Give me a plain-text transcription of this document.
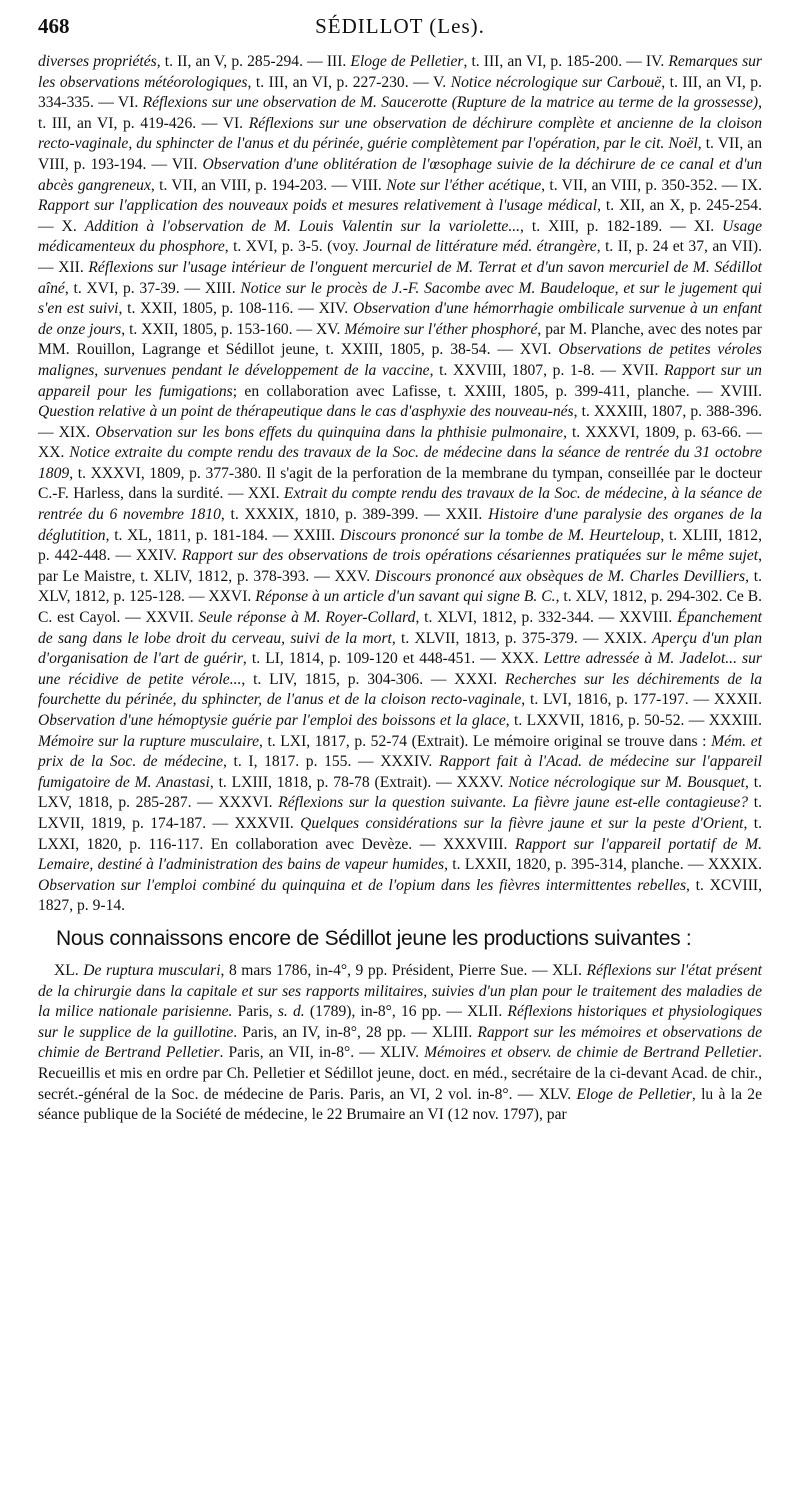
468	SÉDILLOT (Les).

diverses propriétés, t. II, an V, p. 285-294. — III. Eloge de Pelletier, t. III, an VI, p. 185-200. — IV. Remarques sur les observations météorologiques, t. III, an VI, p. 227-230. — V. Notice nécrologique sur Carbouë, t. III, an VI, p. 334-335. — VI. Réflexions sur une observation de M. Saucerotte (Rupture de la matrice au terme de la grossesse), t. III, an VI, p. 419-426. — VI. Réflexions sur une observation de déchirure complète et ancienne de la cloison recto-vaginale, du sphincter de l'anus et du périnée, guérie complètement par l'opération, par le cit. Noël, t. VII, an VIII, p. 193-194. — VII. Observation d'une oblitération de l'œsophage suivie de la déchirure de ce canal et d'un abcès gangreneux, t. VII, an VIII, p. 194-203. — VIII. Note sur l'éther acétique, t. VII, an VIII, p. 350-352. — IX. Rapport sur l'application des nouveaux poids et mesures relativement à l'usage médical, t. XII, an X, p. 245-254. — X. Addition à l'observation de M. Louis Valentin sur la variolette..., t. XIII, p. 182-189. — XI. Usage médicamenteux du phosphore, t. XVI, p. 3-5. (voy. Journal de littérature méd. étrangère, t. II, p. 24 et 37, an VII). — XII. Réflexions sur l'usage intérieur de l'onguent mercuriel de M. Terrat et d'un savon mercuriel de M. Sédillot aîné, t. XVI, p. 37-39. — XIII. Notice sur le procès de J.-F. Sacombe avec M. Baudeloque, et sur le jugement qui s'en est suivi, t. XXII, 1805, p. 108-116. — XIV. Observation d'une hémorrhagie ombilicale survenue à un enfant de onze jours, t. XXII, 1805, p. 153-160. — XV. Mémoire sur l'éther phosphoré, par M. Planche, avec des notes par MM. Rouillon, Lagrange et Sédillot jeune, t. XXIII, 1805, p. 38-54. — XVI. Observations de petites véroles malignes, survenues pendant le développement de la vaccine, t. XXVIII, 1807, p. 1-8. — XVII. Rapport sur un appareil pour les fumigations; en collaboration avec Lafisse, t. XXIII, 1805, p. 399-411, planche. — XVIII. Question relative à un point de thérapeutique dans le cas d'asphyxie des nouveau-nés, t. XXXIII, 1807, p. 388-396. — XIX. Observation sur les bons effets du quinquina dans la phthisie pulmonaire, t. XXXVI, 1809, p. 63-66. — XX. Notice extraite du compte rendu des travaux de la Soc. de médecine dans la séance de rentrée du 31 octobre 1809, t. XXXVI, 1809, p. 377-380. Il s'agit de la perforation de la membrane du tympan, conseillée par le docteur C.-F. Harless, dans la surdité. — XXI. Extrait du compte rendu des travaux de la Soc. de médecine, à la séance de rentrée du 6 novembre 1810, t. XXXIX, 1810, p. 389-399. — XXII. Histoire d'une paralysie des organes de la déglutition, t. XL, 1811, p. 181-184. — XXIII. Discours prononcé sur la tombe de M. Heurteloup, t. XLIII, 1812, p. 442-448. — XXIV. Rapport sur des observations de trois opérations césariennes pratiquées sur le même sujet, par Le Maistre, t. XLIV, 1812, p. 378-393. — XXV. Discours prononcé aux obsèques de M. Charles Devilliers, t. XLV, 1812, p. 125-128. — XXVI. Réponse à un article d'un savant qui signe B. C., t. XLV, 1812, p. 294-302. Ce B. C. est Cayol. — XXVII. Seule réponse à M. Royer-Collard, t. XLVI, 1812, p. 332-344. — XXVIII. Épanchement de sang dans le lobe droit du cerveau, suivi de la mort, t. XLVII, 1813, p. 375-379. — XXIX. Aperçu d'un plan d'organisation de l'art de guérir, t. LI, 1814, p. 109-120 et 448-451. — XXX. Lettre adressée à M. Jadelot... sur une récidive de petite vérole..., t. LIV, 1815, p. 304-306. — XXXI. Recherches sur les déchirements de la fourchette du périnée, du sphincter, de l'anus et de la cloison recto-vaginale, t. LVI, 1816, p. 177-197. — XXXII. Observation d'une hémoptysie guérie par l'emploi des boissons et la glace, t. LXXVII, 1816, p. 50-52. — XXXIII. Mémoire sur la rupture musculaire, t. LXI, 1817, p. 52-74 (Extrait). Le mémoire original se trouve dans : Mém. et prix de la Soc. de médecine, t. I, 1817. p. 155. — XXXIV. Rapport fait à l'Acad. de médecine sur l'appareil fumigatoire de M. Anastasi, t. LXIII, 1818, p. 78-78 (Extrait). — XXXV. Notice nécrologique sur M. Bousquet, t. LXV, 1818, p. 285-287. — XXXVI. Réflexions sur la question suivante. La fièvre jaune est-elle contagieuse? t. LXVII, 1819, p. 174-187. — XXXVII. Quelques considérations sur la fièvre jaune et sur la peste d'Orient, t. LXXI, 1820, p. 116-117. En collaboration avec Devèze. — XXXVIII. Rapport sur l'appareil portatif de M. Lemaire, destiné à l'administration des bains de vapeur humides, t. LXXII, 1820, p. 395-314, planche. — XXXIX. Observation sur l'emploi combiné du quinquina et de l'opium dans les fièvres intermittentes rebelles, t. XCVIII, 1827, p. 9-14.

Nous connaissons encore de Sédillot jeune les productions suivantes :

XL. De ruptura musculari, 8 mars 1786, in-4°, 9 pp. Président, Pierre Sue. — XLI. Réflexions sur l'état présent de la chirurgie dans la capitale et sur ses rapports militaires, suivies d'un plan pour le traitement des maladies de la milice nationale parisienne. Paris, s. d. (1789), in-8°, 16 pp. — XLII. Réflexions historiques et physiologiques sur le supplice de la guillotine. Paris, an IV, in-8°, 28 pp. — XLIII. Rapport sur les mémoires et observations de chimie de Bertrand Pelletier. Paris, an VII, in-8°. — XLIV. Mémoires et observ. de chimie de Bertrand Pelletier. Recueillis et mis en ordre par Ch. Pelletier et Sédillot jeune, doct. en méd., secrétaire de la ci-devant Acad. de chir., secrét.-général de la Soc. de médecine de Paris. Paris, an VI, 2 vol. in-8°. — XLV. Eloge de Pelletier, lu à la 2e séance publique de la Société de médecine, le 22 Brumaire an VI (12 nov. 1797), par
